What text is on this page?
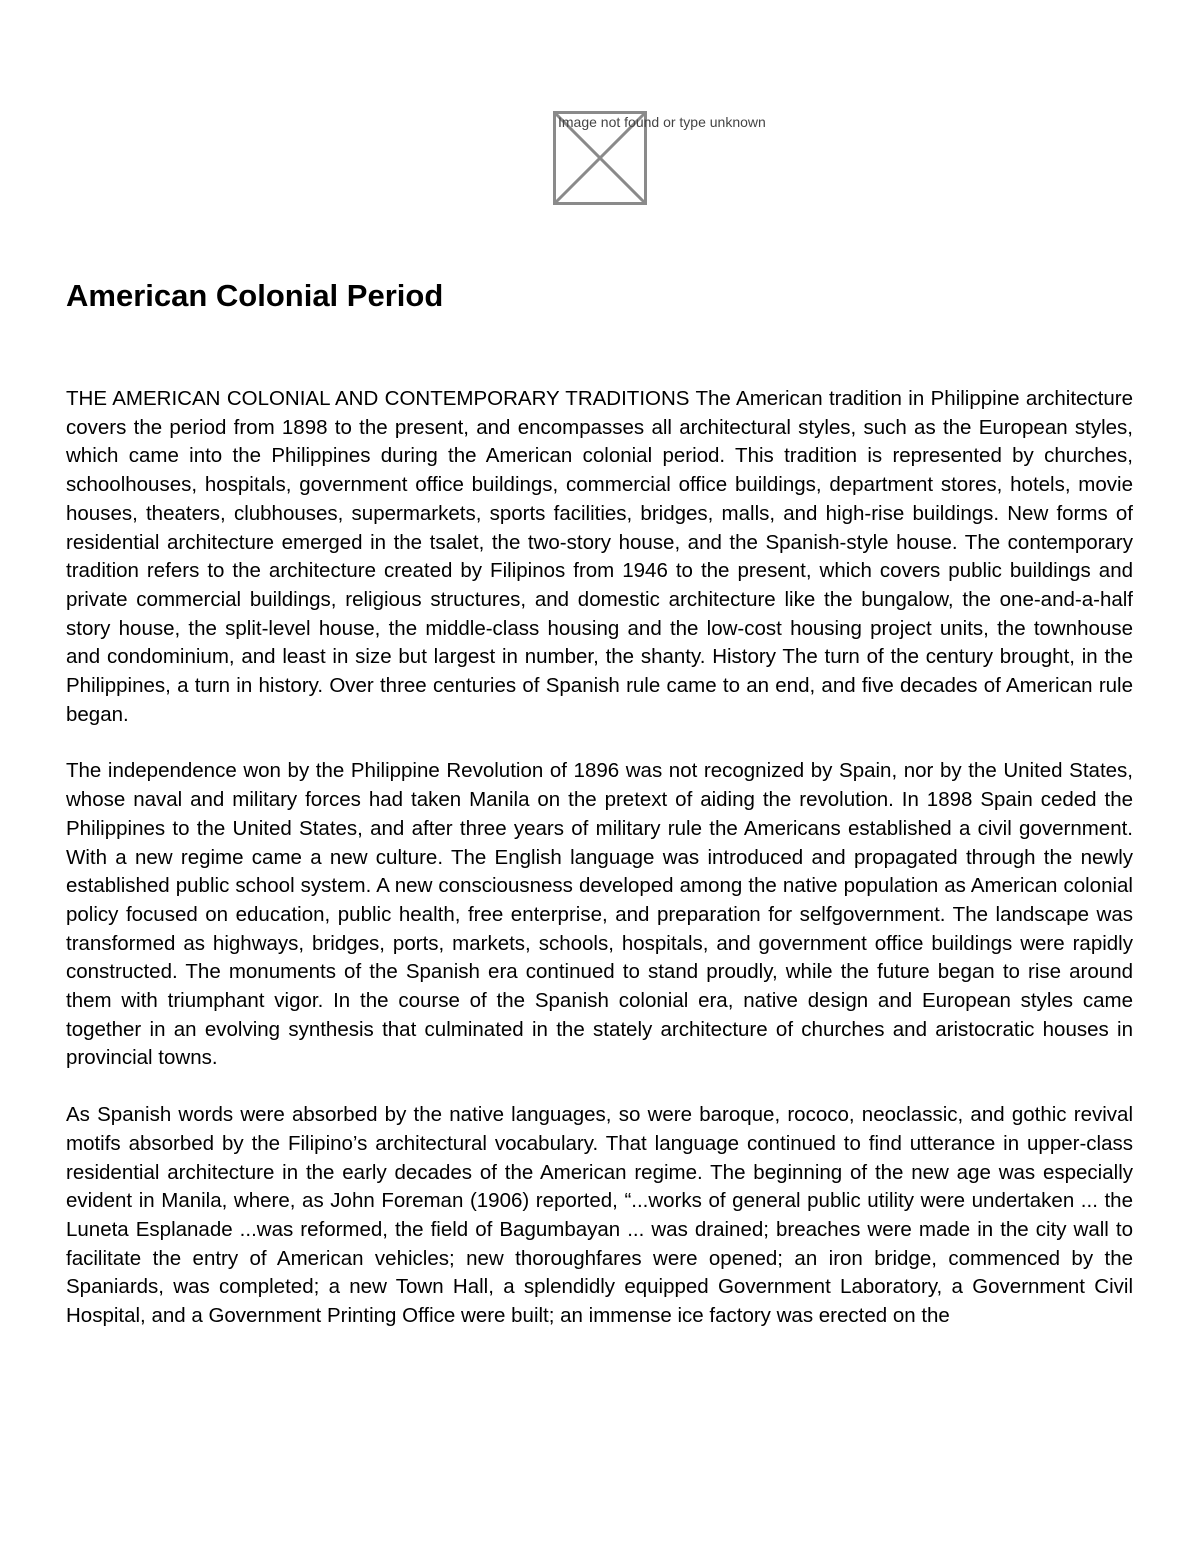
Image not found or type unknown
American Colonial Period

THE AMERICAN COLONIAL AND CONTEMPORARY TRADITIONS The American tradition in Philippine architecture covers the period from 1898 to the present, and encompasses all architectural styles, such as the European styles, which came into the Philippines during the American colonial period. This tradition is represented by churches, schoolhouses, hospitals, government office buildings, commercial office buildings, department stores, hotels, movie houses, theaters, clubhouses, supermarkets, sports facilities, bridges, malls, and high-rise buildings. New forms of residential architecture emerged in the tsalet, the two-story house, and the Spanish-style house. The contemporary tradition refers to the architecture created by Filipinos from 1946 to the present, which covers public buildings and private commercial buildings, religious structures, and domestic architecture like the bungalow, the one-and-a-half story house, the split-level house, the middle-class housing and the low-cost housing project units, the townhouse and condominium, and least in size but largest in number, the shanty. History The turn of the century brought, in the Philippines, a turn in history. Over three centuries of Spanish rule came to an end, and five decades of American rule began.

The independence won by the Philippine Revolution of 1896 was not recognized by Spain, nor by the United States, whose naval and military forces had taken Manila on the pretext of aiding the revolution. In 1898 Spain ceded the Philippines to the United States, and after three years of military rule the Americans established a civil government. With a new regime came a new culture. The English language was introduced and propagated through the newly established public school system. A new consciousness developed among the native population as American colonial policy focused on education, public health, free enterprise, and preparation for selfgovernment. The landscape was transformed as highways, bridges, ports, markets, schools, hospitals, and government office buildings were rapidly constructed. The monuments of the Spanish era continued to stand proudly, while the future began to rise around them with triumphant vigor. In the course of the Spanish colonial era, native design and European styles came together in an evolving synthesis that culminated in the stately architecture of churches and aristocratic houses in provincial towns.

As Spanish words were absorbed by the native languages, so were baroque, rococo, neoclassic, and gothic revival motifs absorbed by the Filipino’s architectural vocabulary. That language continued to find utterance in upper-class residential architecture in the early decades of the American regime. The beginning of the new age was especially evident in Manila, where, as John Foreman (1906) reported, “...works of general public utility were undertaken ... the Luneta Esplanade ...was reformed, the field of Bagumbayan ... was drained; breaches were made in the city wall to facilitate the entry of American vehicles; new thoroughfares were opened; an iron bridge, commenced by the Spaniards, was completed; a new Town Hall, a splendidly equipped Government Laboratory, a Government Civil Hospital, and a Government Printing Office were built; an immense ice factory was erected on the
